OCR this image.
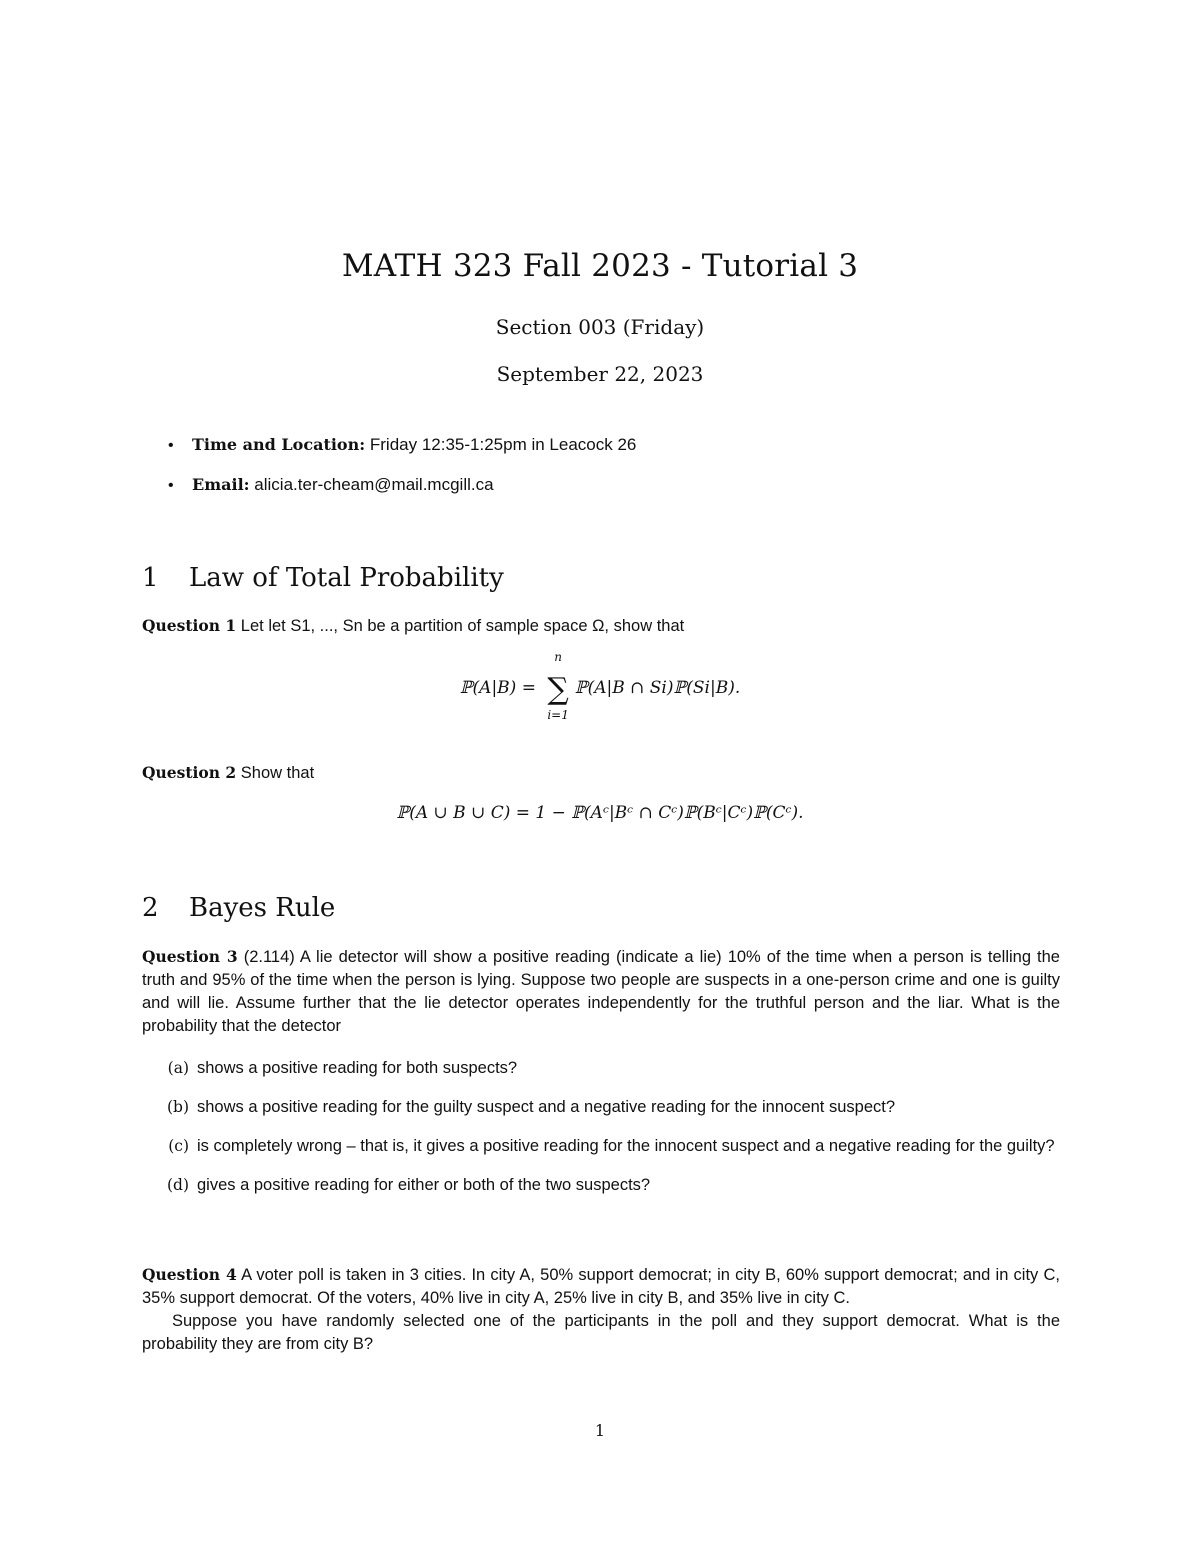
MATH 323 Fall 2023 - Tutorial 3
Section 003 (Friday)
September 22, 2023
•	Time and Location: Friday 12:35-1:25pm in Leacock 26
•	Email: alicia.ter-cheam@mail.mcgill.ca
1 Law of Total Probability
Question 1 Let let S1, ..., Sn be a partition of sample space Ω, show that
ℙ(A|B) = ∑
n
i=1
ℙ(A|B ∩ Si)ℙ(Si|B).
Question 2 Show that
ℙ(A ∪ B ∪ C) = 1 − ℙ(Aᶜ|Bᶜ ∩ Cᶜ)ℙ(Bᶜ|Cᶜ)ℙ(Cᶜ).
2 Bayes Rule
Question 3 (2.114) A lie detector will show a positive reading (indicate a lie) 10% of the time when a person is telling the truth and 95% of the time when the person is lying. Suppose two people are suspects in a one-person crime and one is guilty and will lie. Assume further that the lie detector operates independently for the truthful person and the liar. What is the probability that the detector
(a) shows a positive reading for both suspects?
(b) shows a positive reading for the guilty suspect and a negative reading for the innocent suspect?
(c) is completely wrong – that is, it gives a positive reading for the innocent suspect and a negative reading for the guilty?
(d) gives a positive reading for either or both of the two suspects?

Question 4 A voter poll is taken in 3 cities. In city A, 50% support democrat; in city B, 60% support democrat; and in city C, 35% support democrat. Of the voters, 40% live in city A, 25% live in city B, and 35% live in city C.

Suppose you have randomly selected one of the participants in the poll and they support democrat. What is the probability they are from city B?

1
